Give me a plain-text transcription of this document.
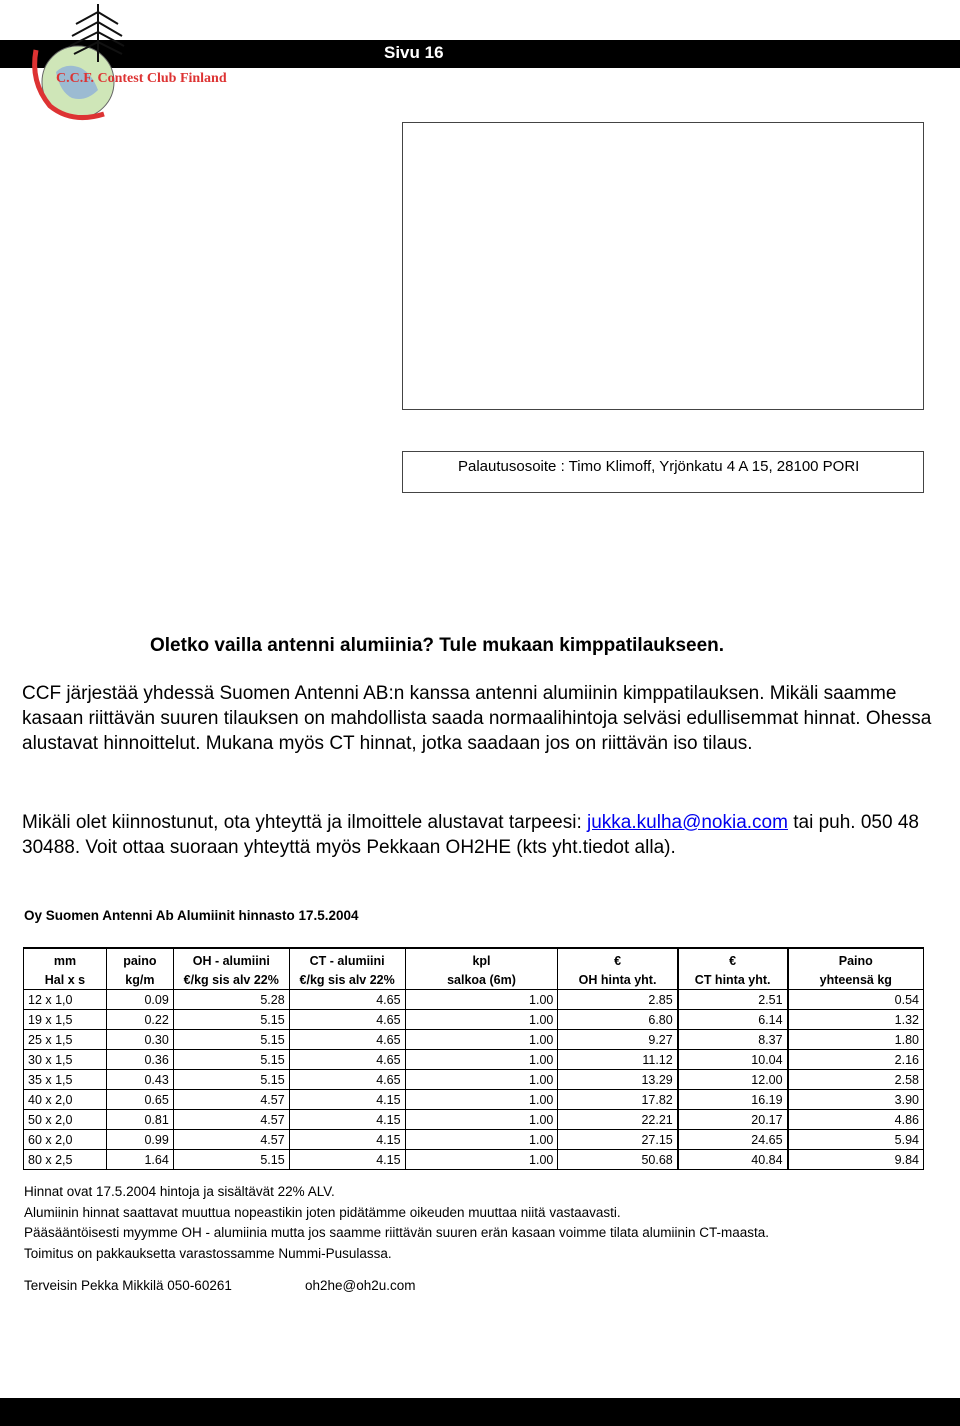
Sivu 16
C.C.F. Contest Club Finland
Palautusosoite : Timo Klimoff, Yrjönkatu 4 A 15, 28100 PORI
Oletko vailla antenni alumiinia? Tule mukaan kimppatilaukseen.
CCF järjestää yhdessä Suomen Antenni AB:n kanssa antenni alumiinin kimppatilauksen. Mikäli saamme kasaan riittävän suuren tilauksen on mahdollista saada normaalihintoja selväsi edullisemmat hinnat. Ohessa alustavat hinnoittelut. Mukana myös CT hinnat, jotka saadaan jos on riittävän iso tilaus.
Mikäli olet kiinnostunut, ota yhteyttä ja ilmoittele alustavat tarpeesi: jukka.kulha@nokia.com tai puh. 050 48 30488. Voit ottaa suoraan yhteyttä myös Pekkaan OH2HE (kts yht.tiedot alla).
Oy Suomen Antenni Ab Alumiinit hinnasto 17.5.2004
mm	paino	OH - alumiini	CT - alumiini	kpl	€	€	Paino
Hal x s	kg/m	€/kg sis alv 22%	€/kg sis alv 22%	salkoa (6m)	OH hinta yht.	CT hinta yht.	yhteensä kg
12 x 1,0	0.09	5.28	4.65	1.00	2.85	2.51	0.54
19 x 1,5	0.22	5.15	4.65	1.00	6.80	6.14	1.32
25 x 1,5	0.30	5.15	4.65	1.00	9.27	8.37	1.80
30 x 1,5	0.36	5.15	4.65	1.00	11.12	10.04	2.16
35 x 1,5	0.43	5.15	4.65	1.00	13.29	12.00	2.58
40 x 2,0	0.65	4.57	4.15	1.00	17.82	16.19	3.90
50 x 2,0	0.81	4.57	4.15	1.00	22.21	20.17	4.86
60 x 2,0	0.99	4.57	4.15	1.00	27.15	24.65	5.94
80 x 2,5	1.64	5.15	4.15	1.00	50.68	40.84	9.84
Hinnat ovat 17.5.2004 hintoja ja sisältävät 22% ALV.
Alumiinin hinnat saattavat muuttua nopeastikin joten pidätämme oikeuden muuttaa niitä vastaavasti.
Pääsääntöisesti myymme OH - alumiinia mutta jos saamme riittävän suuren erän kasaan voimme tilata alumiinin CT-maasta.
Toimitus on pakkauksetta varastossamme Nummi-Pusulassa.
Terveisin Pekka Mikkilä 050-60261	oh2he@oh2u.com
